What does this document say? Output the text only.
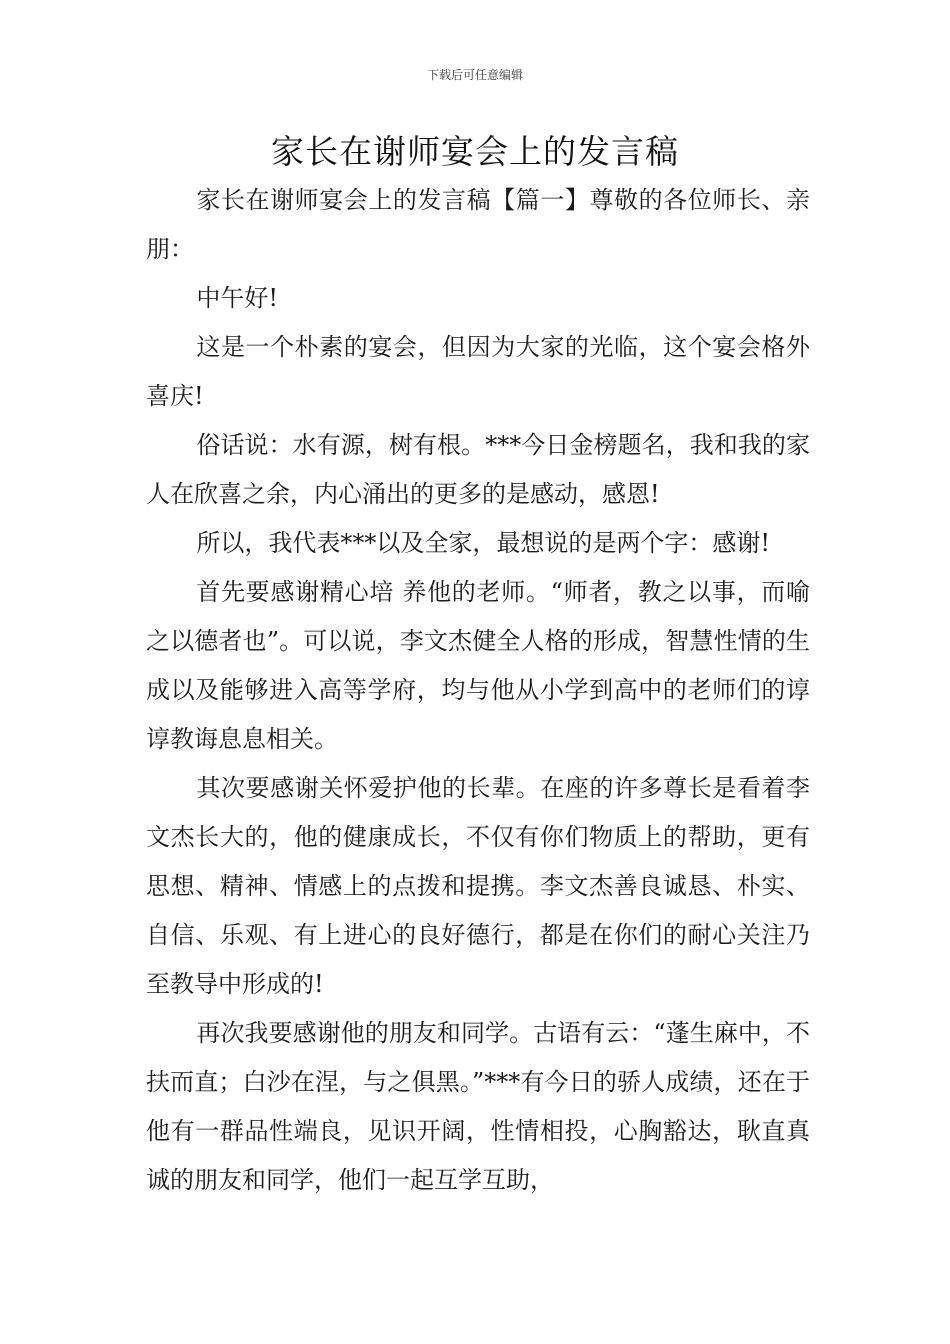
下载后可任意编辑
家长在谢师宴会上的发言稿

家长在谢师宴会上的发言稿【篇一】尊敬的各位师长、亲朋：

中午好!

这是一个朴素的宴会，但因为大家的光临，这个宴会格外喜庆!

俗话说：水有源，树有根。***今日金榜题名，我和我的家人在欣喜之余，内心涌出的更多的是感动，感恩!

所以，我代表***以及全家，最想说的是两个字：感谢!

首先要感谢精心培 养他的老师。“师者，教之以事，而喻之以德者也”。可以说，李文杰健全人格的形成，智慧性情的生成以及能够进入高等学府，均与他从小学到高中的老师们的谆谆教诲息息相关。

其次要感谢关怀爱护他的长辈。在座的许多尊长是看着李文杰长大的，他的健康成长，不仅有你们物质上的帮助，更有思想、精神、情感上的点拨和提携。李文杰善良诚恳、朴实、自信、乐观、有上进心的良好德行，都是在你们的耐心关注乃至教导中形成的!

再次我要感谢他的朋友和同学。古语有云：“蓬生麻中，不扶而直；白沙在涅，与之俱黑。”***有今日的骄人成绩，还在于他有一群品性端良，见识开阔，性情相投，心胸豁达，耿直真诚的朋友和同学，他们一起互学互助，
